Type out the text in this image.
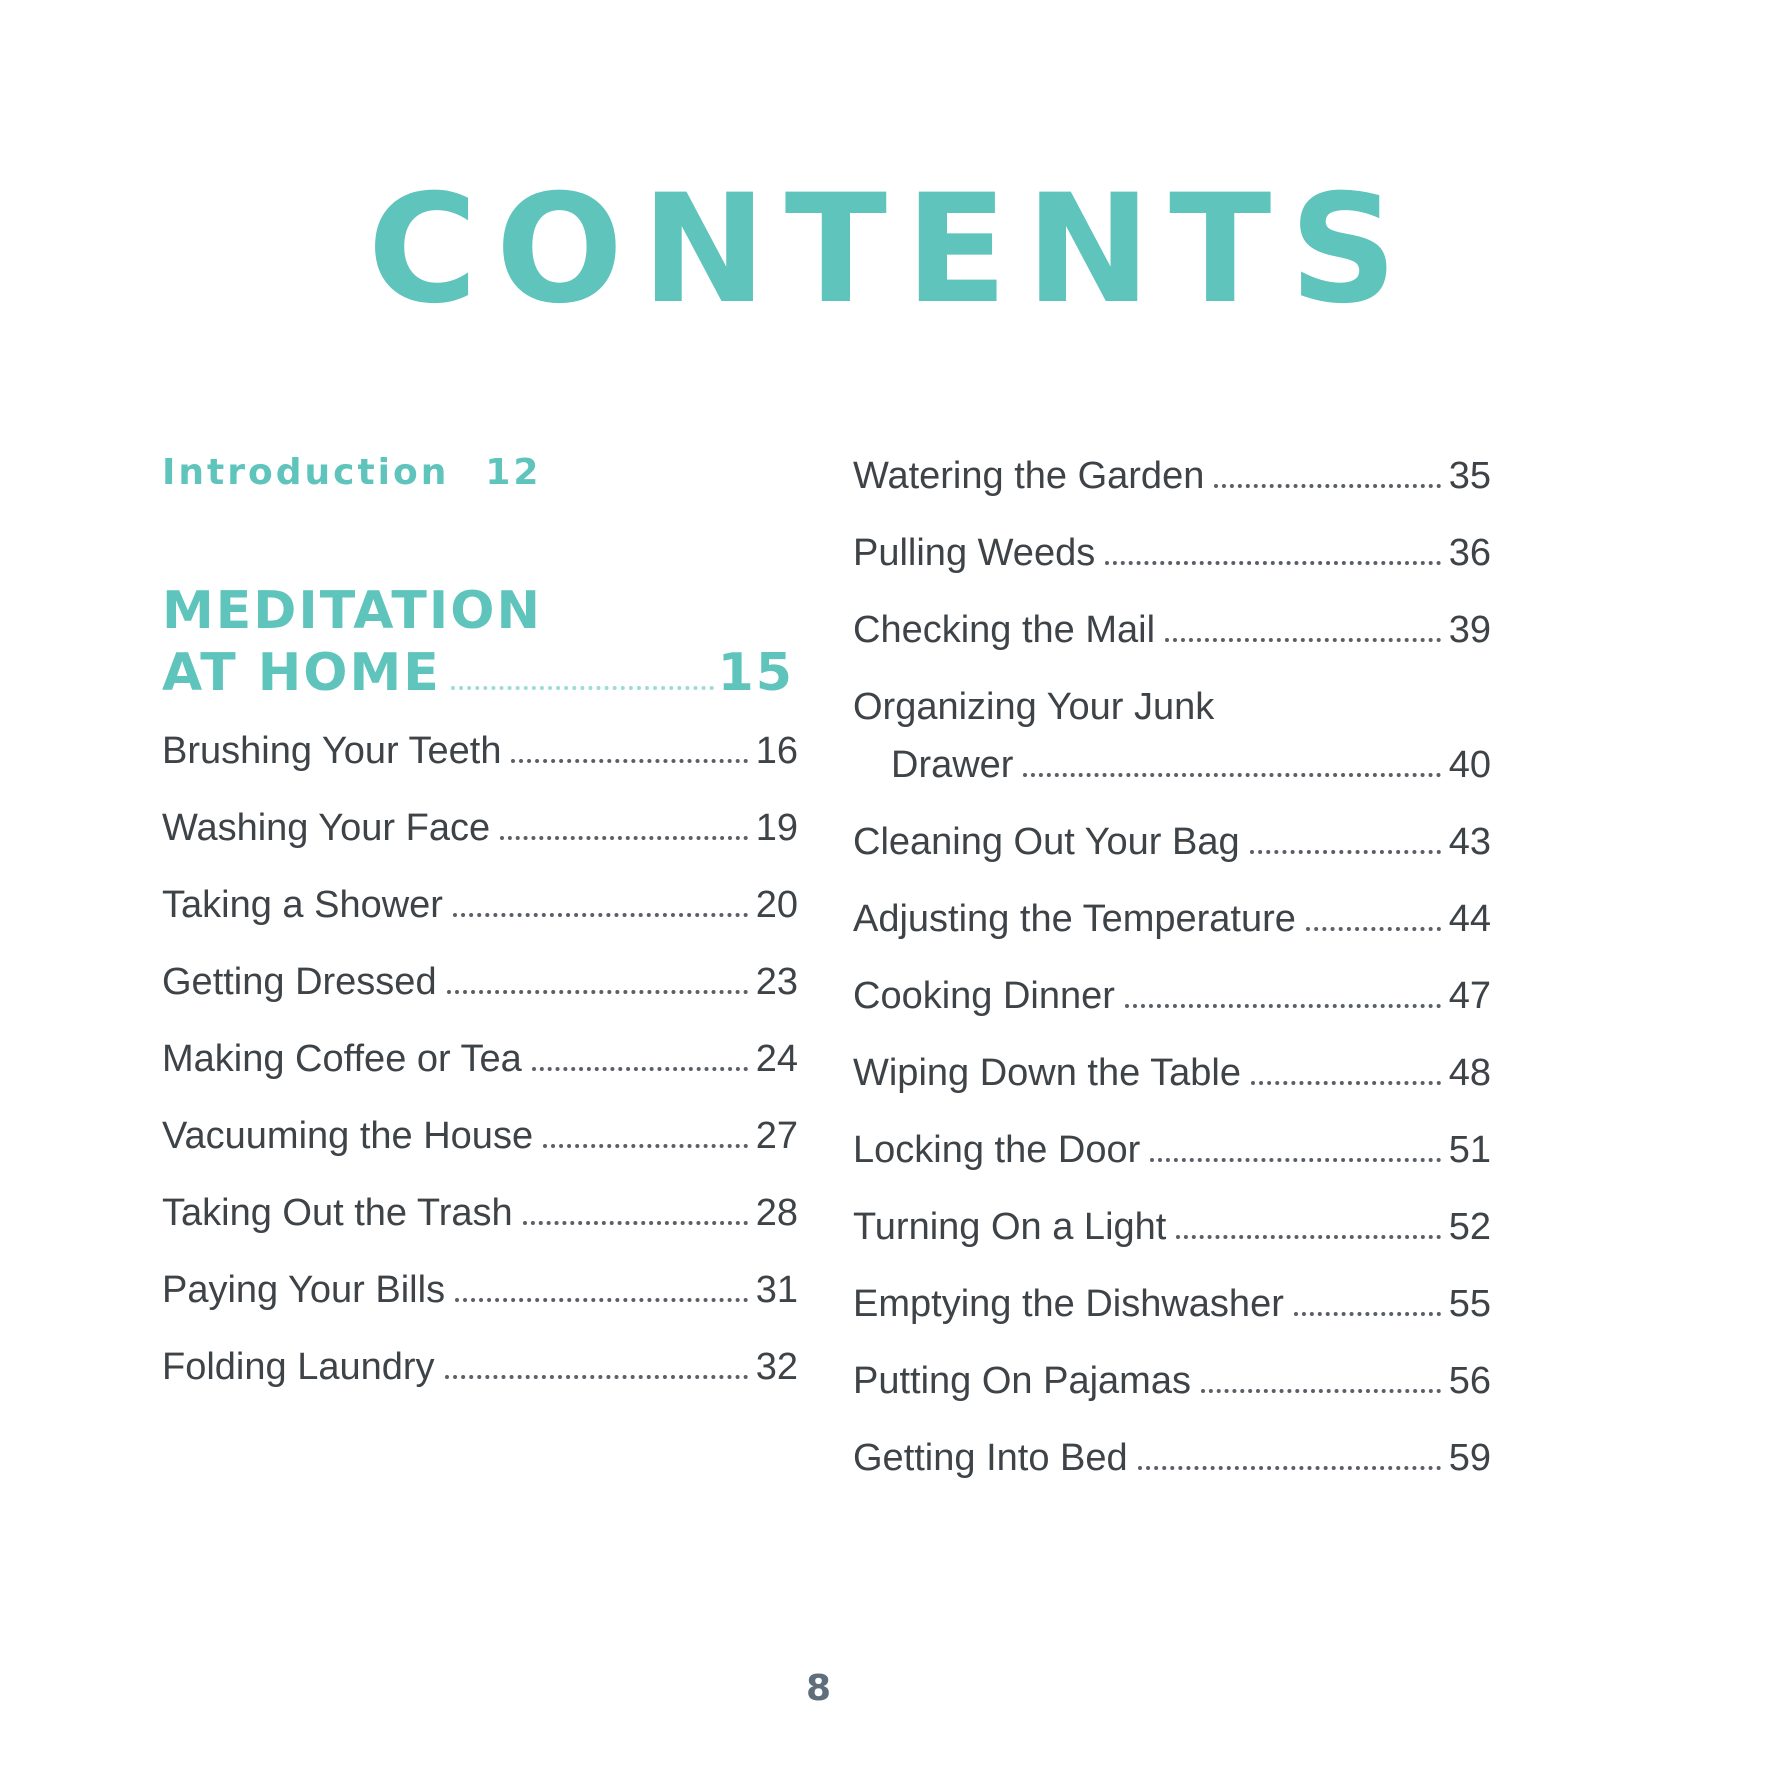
CONTENTS
Introduction 12
MEDITATION
AT HOME	15
Brushing Your Teeth	16
Washing Your Face	19
Taking a Shower	20
Getting Dressed	23
Making Coffee or Tea	24
Vacuuming the House	27
Taking Out the Trash	28
Paying Your Bills	31
Folding Laundry	32
Watering the Garden	35
Pulling Weeds	36
Checking the Mail	39
Organizing Your Junk
Drawer	40
Cleaning Out Your Bag	43
Adjusting the Temperature	44
Cooking Dinner	47
Wiping Down the Table	48
Locking the Door	51
Turning On a Light	52
Emptying the Dishwasher	55
Putting On Pajamas	56
Getting Into Bed	59
8
